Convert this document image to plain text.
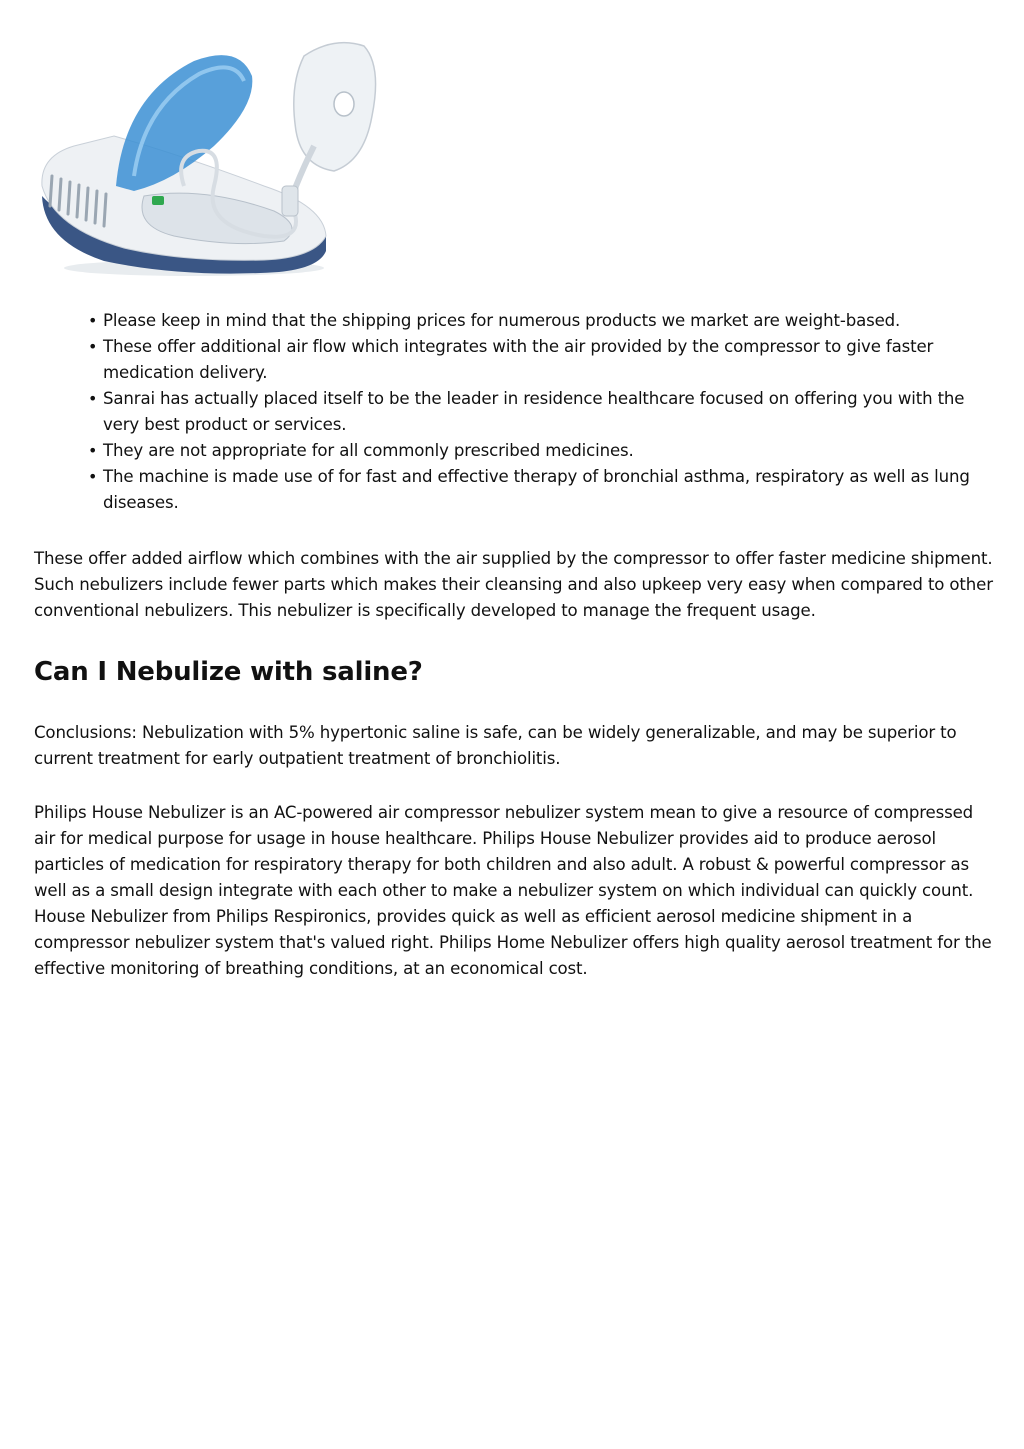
• Please keep in mind that the shipping prices for numerous products we market are weight-based.
• These offer additional air flow which integrates with the air provided by the compressor to give faster medication delivery.
• Sanrai has actually placed itself to be the leader in residence healthcare focused on offering you with the very best product or services.
• They are not appropriate for all commonly prescribed medicines.
• The machine is made use of for fast and effective therapy of bronchial asthma, respiratory as well as lung diseases.

These offer added airflow which combines with the air supplied by the compressor to offer faster medicine shipment. Such nebulizers include fewer parts which makes their cleansing and also upkeep very easy when compared to other conventional nebulizers. This nebulizer is specifically developed to manage the frequent usage.

Can I Nebulize with saline?

Conclusions: Nebulization with 5% hypertonic saline is safe, can be widely generalizable, and may be superior to current treatment for early outpatient treatment of bronchiolitis.

Philips House Nebulizer is an AC-powered air compressor nebulizer system mean to give a resource of compressed air for medical purpose for usage in house healthcare. Philips House Nebulizer provides aid to produce aerosol particles of medication for respiratory therapy for both children and also adult. A robust & powerful compressor as well as a small design integrate with each other to make a nebulizer system on which individual can quickly count. House Nebulizer from Philips Respironics, provides quick as well as efficient aerosol medicine shipment in a compressor nebulizer system that's valued right. Philips Home Nebulizer offers high quality aerosol treatment for the effective monitoring of breathing conditions, at an economical cost.
